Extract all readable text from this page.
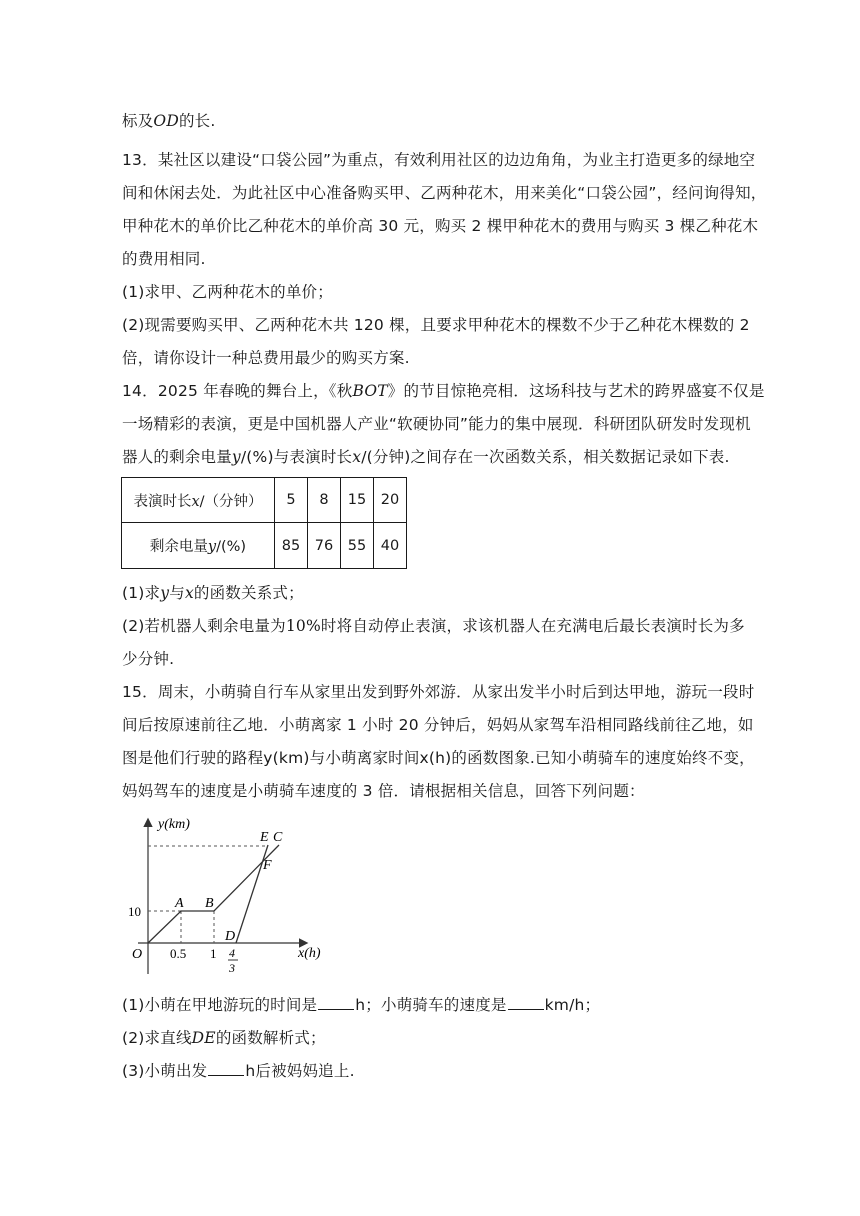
标及OD的长.
13．某社区以建设“口袋公园”为重点，有效利用社区的边边角角，为业主打造更多的绿地空
间和休闲去处．为此社区中心准备购买甲、乙两种花木，用来美化“口袋公园”，经问询得知，
甲种花木的单价比乙种花木的单价高 30 元，购买 2 棵甲种花木的费用与购买 3 棵乙种花木
的费用相同.
(1)求甲、乙两种花木的单价；
(2)现需要购买甲、乙两种花木共 120 棵，且要求甲种花木的棵数不少于乙种花木棵数的 2
倍，请你设计一种总费用最少的购买方案.
14．2025 年春晚的舞台上，《秋BOT》的节目惊艳亮相．这场科技与艺术的跨界盛宴不仅是
一场精彩的表演，更是中国机器人产业“软硬协同”能力的集中展现．科研团队研发时发现机
器人的剩余电量y/(%)与表演时长x/(分钟)之间存在一次函数关系，相关数据记录如下表.
表演时长x/（分钟）	5	8	15	20
剩余电量y/(%)	85	76	55	40
(1)求y与x的函数关系式；
(2)若机器人剩余电量为10%时将自动停止表演，求该机器人在充满电后最长表演时长为多
少分钟.
15．周末，小萌骑自行车从家里出发到野外郊游．从家出发半小时后到达甲地，游玩一段时
间后按原速前往乙地．小萌离家 1 小时 20 分钟后，妈妈从家驾车沿相同路线前往乙地，如
图是他们行驶的路程y(km)与小萌离家时间x(h)的函数图象.已知小萌骑车的速度始终不变，
妈妈驾车的速度是小萌骑车速度的 3 倍．请根据相关信息，回答下列问题：
y(km)
x(h)
O
10
0.5 1 4
3
A B
E C
F
D
(1)小萌在甲地游玩的时间是 h；小萌骑车的速度是 km/h；
(2)求直线DE的函数解析式；
(3)小萌出发 h后被妈妈追上.
